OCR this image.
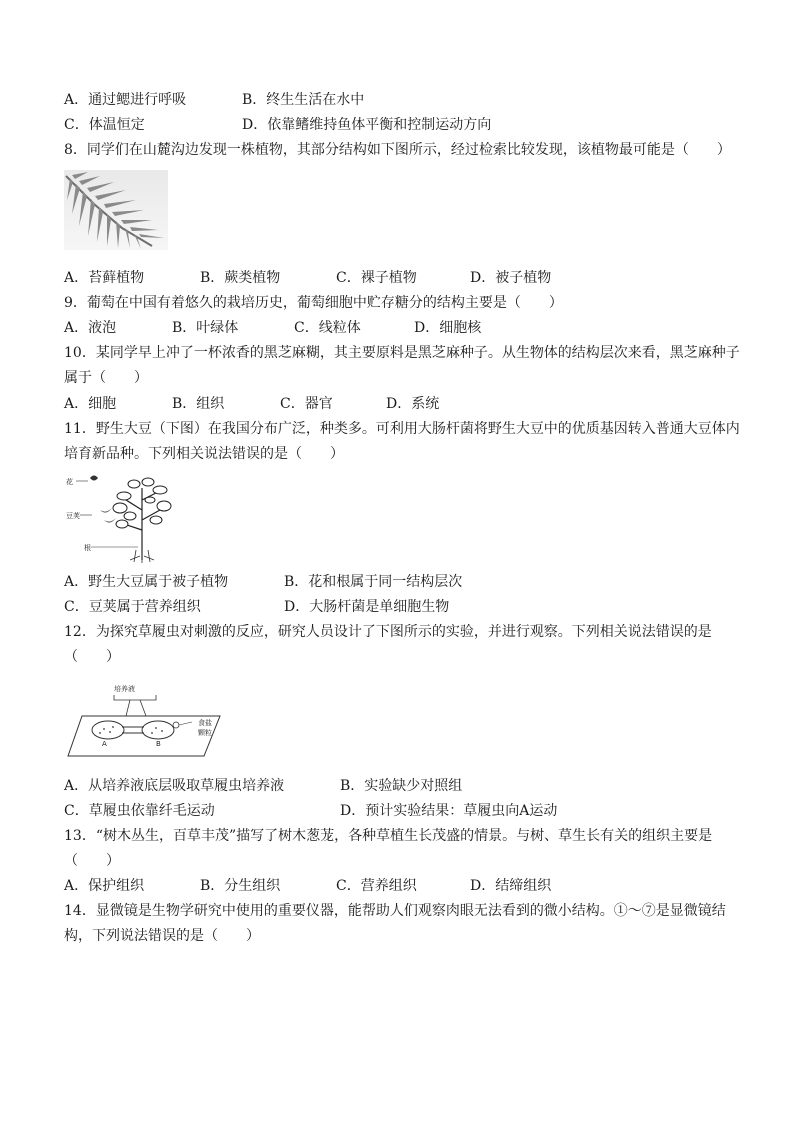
A．通过鳃进行呼吸	B．终生生活在水中
C．体温恒定	D．依靠鳍维持鱼体平衡和控制运动方向
8．同学们在山麓沟边发现一株植物，其部分结构如下图所示，经过检索比较发现，该植物最可能是（　　）
A．苔藓植物	B．蕨类植物	C．裸子植物	D．被子植物
9．葡萄在中国有着悠久的栽培历史，葡萄细胞中贮存糖分的结构主要是（　　）
A．液泡	B．叶绿体	C．线粒体	D．细胞核
10．某同学早上冲了一杯浓香的黑芝麻糊，其主要原料是黑芝麻种子。从生物体的结构层次来看，黑芝麻种子
属于（　　）
A．细胞	B．组织	C．器官	D．系统
11．野生大豆（下图）在我国分布广泛，种类多。可利用大肠杆菌将野生大豆中的优质基因转入普通大豆体内
培育新品种。下列相关说法错误的是（　　）
花
豆荚
根
A．野生大豆属于被子植物	B．花和根属于同一结构层次
C．豆荚属于营养组织	D．大肠杆菌是单细胞生物
12．为探究草履虫对刺激的反应，研究人员设计了下图所示的实验，并进行观察。下列相关说法错误的是
（　　）
培养液
A	B
食盐
颗粒
A．从培养液底层吸取草履虫培养液	B．实验缺少对照组
C．草履虫依靠纤毛运动	D．预计实验结果：草履虫向A运动
13．“树木丛生，百草丰茂”描写了树木葱茏，各种草植生长茂盛的情景。与树、草生长有关的组织主要是
（　　）
A．保护组织	B．分生组织	C．营养组织	D．结缔组织
14．显微镜是生物学研究中使用的重要仪器，能帮助人们观察肉眼无法看到的微小结构。①～⑦是显微镜结
构，下列说法错误的是（　　）
